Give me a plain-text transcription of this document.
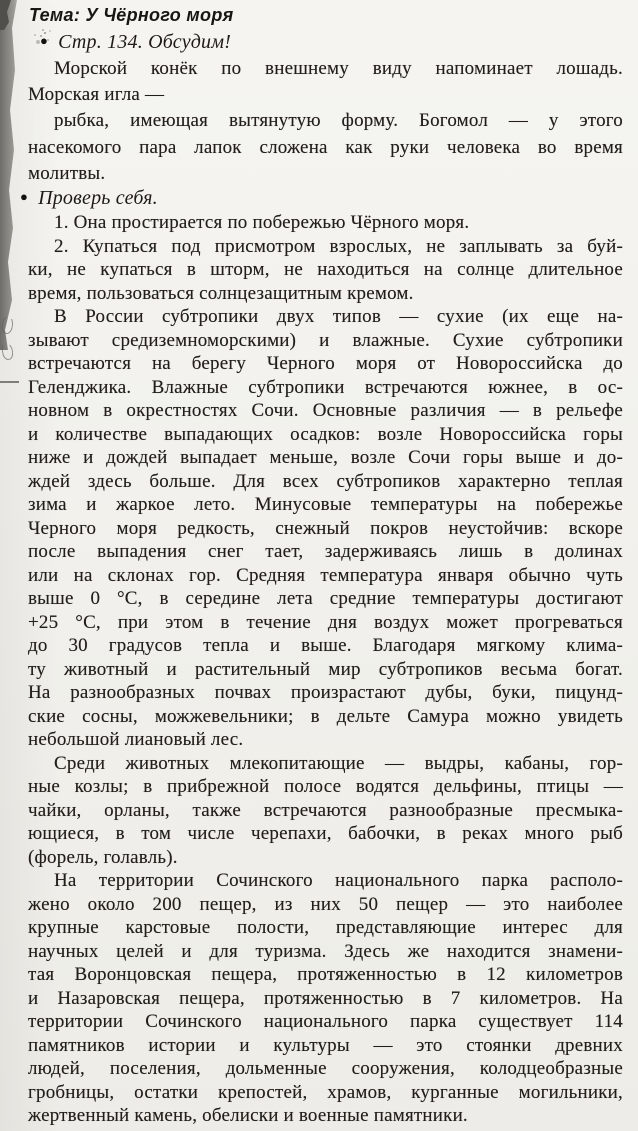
Тема: У Чёрного моря
● Стр. 134. Обсудим!
Морской конёк по внешнему виду напоминает лошадь.
Морская игла —
рыбка, имеющая вытянутую форму. Богомол — у этого
насекомого пара лапок сложена как руки человека во время
молитвы.
● Проверь себя.
1. Она простирается по побережью Чёрного моря.
2. Купаться под присмотром взрослых, не заплывать за буй-
ки, не купаться в шторм, не находиться на солнце длительное
время, пользоваться солнцезащитным кремом.
В России субтропики двух типов — сухие (их еще на-
зывают средиземноморскими) и влажные. Сухие субтропики
встречаются на берегу Черного моря от Новороссийска до
Геленджика. Влажные субтропики встречаются южнее, в ос-
новном в окрестностях Сочи. Основные различия — в рельефе
и количестве выпадающих осадков: возле Новороссийска горы
ниже и дождей выпадает меньше, возле Сочи горы выше и до-
ждей здесь больше. Для всех субтропиков характерно теплая
зима и жаркое лето. Минусовые температуры на побережье
Черного моря редкость, снежный покров неустойчив: вскоре
после выпадения снег тает, задерживаясь лишь в долинах
или на склонах гор. Средняя температура января обычно чуть
выше 0 °С, в середине лета средние температуры достигают
+25 °С, при этом в течение дня воздух может прогреваться
до 30 градусов тепла и выше. Благодаря мягкому клима-
ту животный и растительный мир субтропиков весьма богат.
На разнообразных почвах произрастают дубы, буки, пицунд-
ские сосны, можжевельники; в дельте Самура можно увидеть
небольшой лиановый лес.
Среди животных млекопитающие — выдры, кабаны, гор-
ные козлы; в прибрежной полосе водятся дельфины, птицы —
чайки, орланы, также встречаются разнообразные пресмыка-
ющиеся, в том числе черепахи, бабочки, в реках много рыб
(форель, голавль).
На территории Сочинского национального парка располо-
жено около 200 пещер, из них 50 пещер — это наиболее
крупные карстовые полости, представляющие интерес для
научных целей и для туризма. Здесь же находится знамени-
тая Воронцовская пещера, протяженностью в 12 километров
и Назаровская пещера, протяженностью в 7 километров. На
территории Сочинского национального парка существует 114
памятников истории и культуры — это стоянки древних
людей, поселения, дольменные сооружения, колодцеобразные
гробницы, остатки крепостей, храмов, курганные могильники,
жертвенный камень, обелиски и военные памятники.
